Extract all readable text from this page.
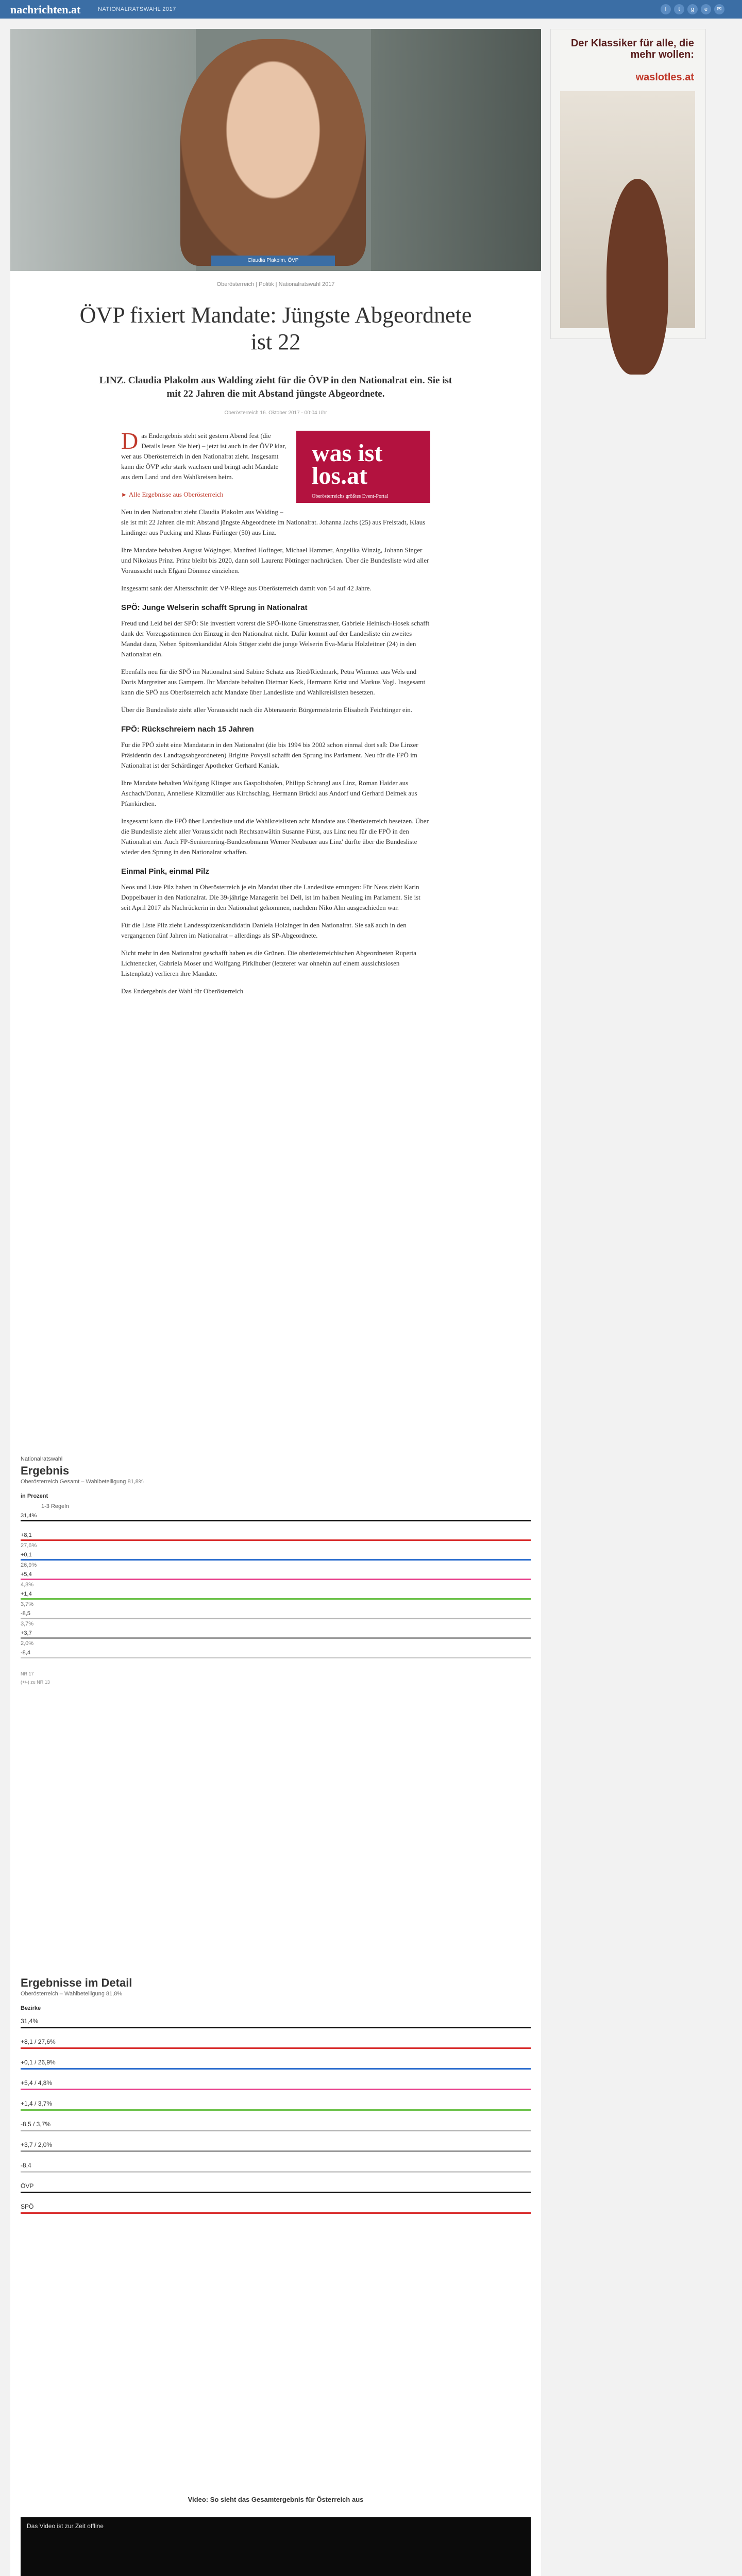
nachrichten.at	NATIONALRATSWAHL 2017	f	t	g	e	✉
Der Klassiker für alle, die mehr wollen:
waslotles.at
Claudia Plakolm, ÖVP
Oberösterreich | Politik | Nationalratswahl 2017
ÖVP fixiert Mandate: Jüngste Abgeordnete ist 22
LINZ. Claudia Plakolm aus Walding zieht für die ÖVP in den Nationalrat ein. Sie ist mit 22 Jahren die mit Abstand jüngste Abgeordnete.
Oberösterreich 16. Oktober 2017 - 00:04 Uhr
was ist los.at
Oberösterreichs größtes Event-Portal

Das Endergebnis steht seit gestern Abend fest (die Details lesen Sie hier) – jetzt ist auch in der ÖVP klar, wer aus Oberösterreich in den Nationalrat zieht. Insgesamt kann die ÖVP sehr stark wachsen und bringt acht Mandate aus dem Land und den Wahlkreisen heim.

► Alle Ergebnisse aus Oberösterreich

Neu in den Nationalrat zieht Claudia Plakolm aus Walding – sie ist mit 22 Jahren die mit Abstand jüngste Abgeordnete im Nationalrat. Johanna Jachs (25) aus Freistadt, Klaus Lindinger aus Pucking und Klaus Fürlinger (50) aus Linz.

Ihre Mandate behalten August Wöginger, Manfred Hofinger, Michael Hammer, Angelika Winzig, Johann Singer und Nikolaus Prinz. Prinz bleibt bis 2020, dann soll Laurenz Pöttinger nachrücken. Über die Bundesliste wird aller Voraussicht nach Efgani Dönmez einziehen.

Insgesamt sank der Altersschnitt der VP-Riege aus Oberösterreich damit von 54 auf 42 Jahre.

SPÖ: Junge Welserin schafft Sprung in Nationalrat

Freud und Leid bei der SPÖ: Sie investiert vorerst die SPÖ-Ikone Gruenstrassner, Gabriele Heinisch-Hosek schafft dank der Vorzugsstimmen den Einzug in den Nationalrat nicht. Dafür kommt auf der Landesliste ein zweites Mandat dazu, Neben Spitzenkandidat Alois Stöger zieht die junge Welserin Eva-Maria Holzleitner (24) in den Nationalrat ein.

Ebenfalls neu für die SPÖ im Nationalrat sind Sabine Schatz aus Ried/Riedmark, Petra Wimmer aus Wels und Doris Margreiter aus Gampern. Ihr Mandate behalten Dietmar Keck, Hermann Krist und Markus Vogl. Insgesamt kann die SPÖ aus Oberösterreich acht Mandate über Landesliste und Wahlkreislisten besetzen.

Über die Bundesliste zieht aller Voraussicht nach die Abtenauerin Bürgermeisterin Elisabeth Feichtinger ein.

FPÖ: Rückschreiern nach 15 Jahren

Für die FPÖ zieht eine Mandatarin in den Nationalrat (die bis 1994 bis 2002 schon einmal dort saß: Die Linzer Präsidentin des Landtagsabgeordneten) Brigitte Povysil schafft den Sprung ins Parlament. Neu für die FPÖ im Nationalrat ist der Schärdinger Apotheker Gerhard Kaniak.

Ihre Mandate behalten Wolfgang Klinger aus Gaspoltshofen, Philipp Schrangl aus Linz, Roman Haider aus Aschach/Donau, Anneliese Kitzmüller aus Kirchschlag, Hermann Brückl aus Andorf und Gerhard Deimek aus Pfarrkirchen.

Insgesamt kann die FPÖ über Landesliste und die Wahlkreislisten acht Mandate aus Oberösterreich besetzen. Über die Bundesliste zieht aller Voraussicht nach Rechtsanwältin Susanne Fürst, aus Linz neu für die FPÖ in den Nationalrat ein. Auch FP-Seniorenring-Bundesobmann Werner Neubauer aus Linz' dürfte über die Bundesliste wieder den Sprung in den Nationalrat schaffen.

Einmal Pink, einmal Pilz

Neos und Liste Pilz haben in Oberösterreich je ein Mandat über die Landesliste errungen: Für Neos zieht Karin Doppelbauer in den Nationalrat. Die 39-jährige Managerin bei Dell, ist im halben Neuling im Parlament. Sie ist seit April 2017 als Nachrückerin in den Nationalrat gekommen, nachdem Niko Alm ausgeschieden war.

Für die Liste Pilz zieht Landesspitzenkandidatin Daniela Holzinger in den Nationalrat. Sie saß auch in den vergangenen fünf Jahren im Nationalrat – allerdings als SP-Abgeordnete.

Nicht mehr in den Nationalrat geschafft haben es die Grünen. Die oberösterreichischen Abgeordneten Ruperta Lichtenecker, Gabriela Moser und Wolfgang Pirklhuber (letzterer war ohnehin auf einem aussichtslosen Listenplatz) verlieren ihre Mandate.

Das Endergebnis der Wahl für Oberösterreich

Nationalratswahl
Ergebnis
Oberösterreich Gesamt – Wahlbeteiligung 81,8%
in Prozent
1-3 Regeln
31,4%
+8,1
27,6%
+0,1
26,9%
+5,4
4,8%
+1,4
3,7%
-8,5
3,7%
+3,7
2,0%
-8,4
NR 17
(+/-) zu NR 13
Ergebnisse im Detail
Oberösterreich – Wahlbeteiligung 81,8%
Bezirke
31,4%
+8,1 / 27,6%
+0,1 / 26,9%
+5,4 / 4,8%
+1,4 / 3,7%
-8,5 / 3,7%
+3,7 / 2,0%
-8,4
ÖVP
SPÖ
Video: So sieht das Gesamtergebnis für Österreich aus
Das Video ist zur Zeit offline
